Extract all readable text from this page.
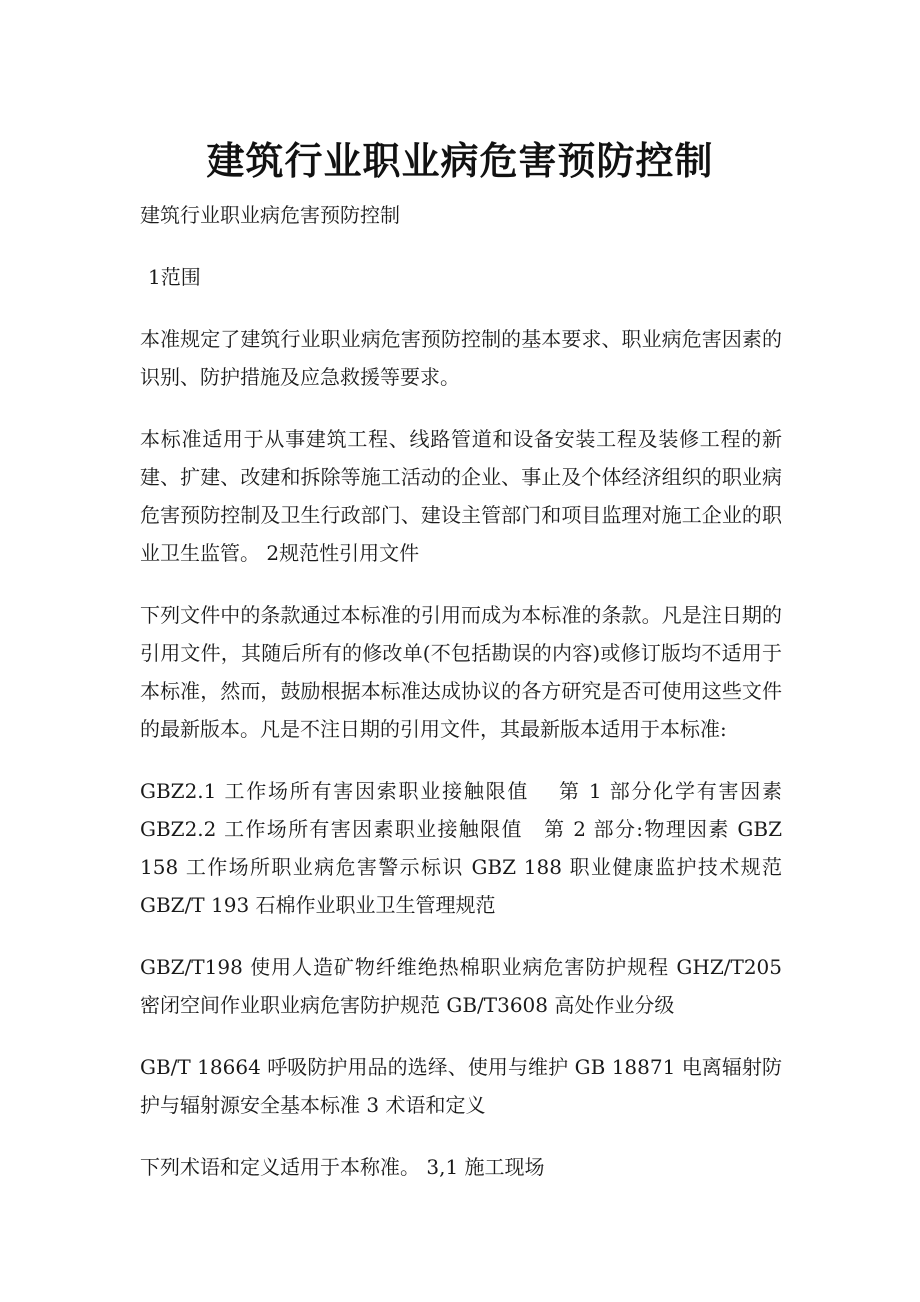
建筑行业职业病危害预防控制

建筑行业职业病危害预防控制

1范围

本准规定了建筑行业职业病危害预防控制的基本要求、职业病危害因素的识别、防护措施及应急救援等要求。

本标准适用于从事建筑工程、线路管道和设备安装工程及装修工程的新建、扩建、改建和拆除等施工活动的企业、事止及个体经济组织的职业病危害预防控制及卫生行政部门、建设主管部门和项目监理对施工企业的职业卫生监管。 2规范性引用文件

下列文件中的条款通过本标准的引用而成为本标准的条款。凡是注日期的引用文件，其随后所有的修改单(不包括勘误的内容)或修订版均不适用于本标准，然而，鼓励根据本标准达成协议的各方研究是否可使用这些文件的最新版本。凡是不注日期的引用文件，其最新版本适用于本标准:

GBZ2.1 工作场所有害因索职业接触限值　 第 1 部分化学有害因素 GBZ2.2 工作场所有害因素职业接触限值　第 2 部分:物理因素 GBZ 158 工作场所职业病危害警示标识 GBZ 188 职业健康监护技术规范 GBZ/T 193 石棉作业职业卫生管理规范

GBZ/T198 使用人造矿物纤维绝热棉职业病危害防护规程 GHZ/T205 密闭空间作业职业病危害防护规范 GB/T3608 高处作业分级

GB/T 18664 呼吸防护用品的选绎、使用与维护 GB 18871 电离辐射防护与辐射源安全基本标准 3 术语和定义

下列术语和定义适用于本称准。 3,1 施工现场
